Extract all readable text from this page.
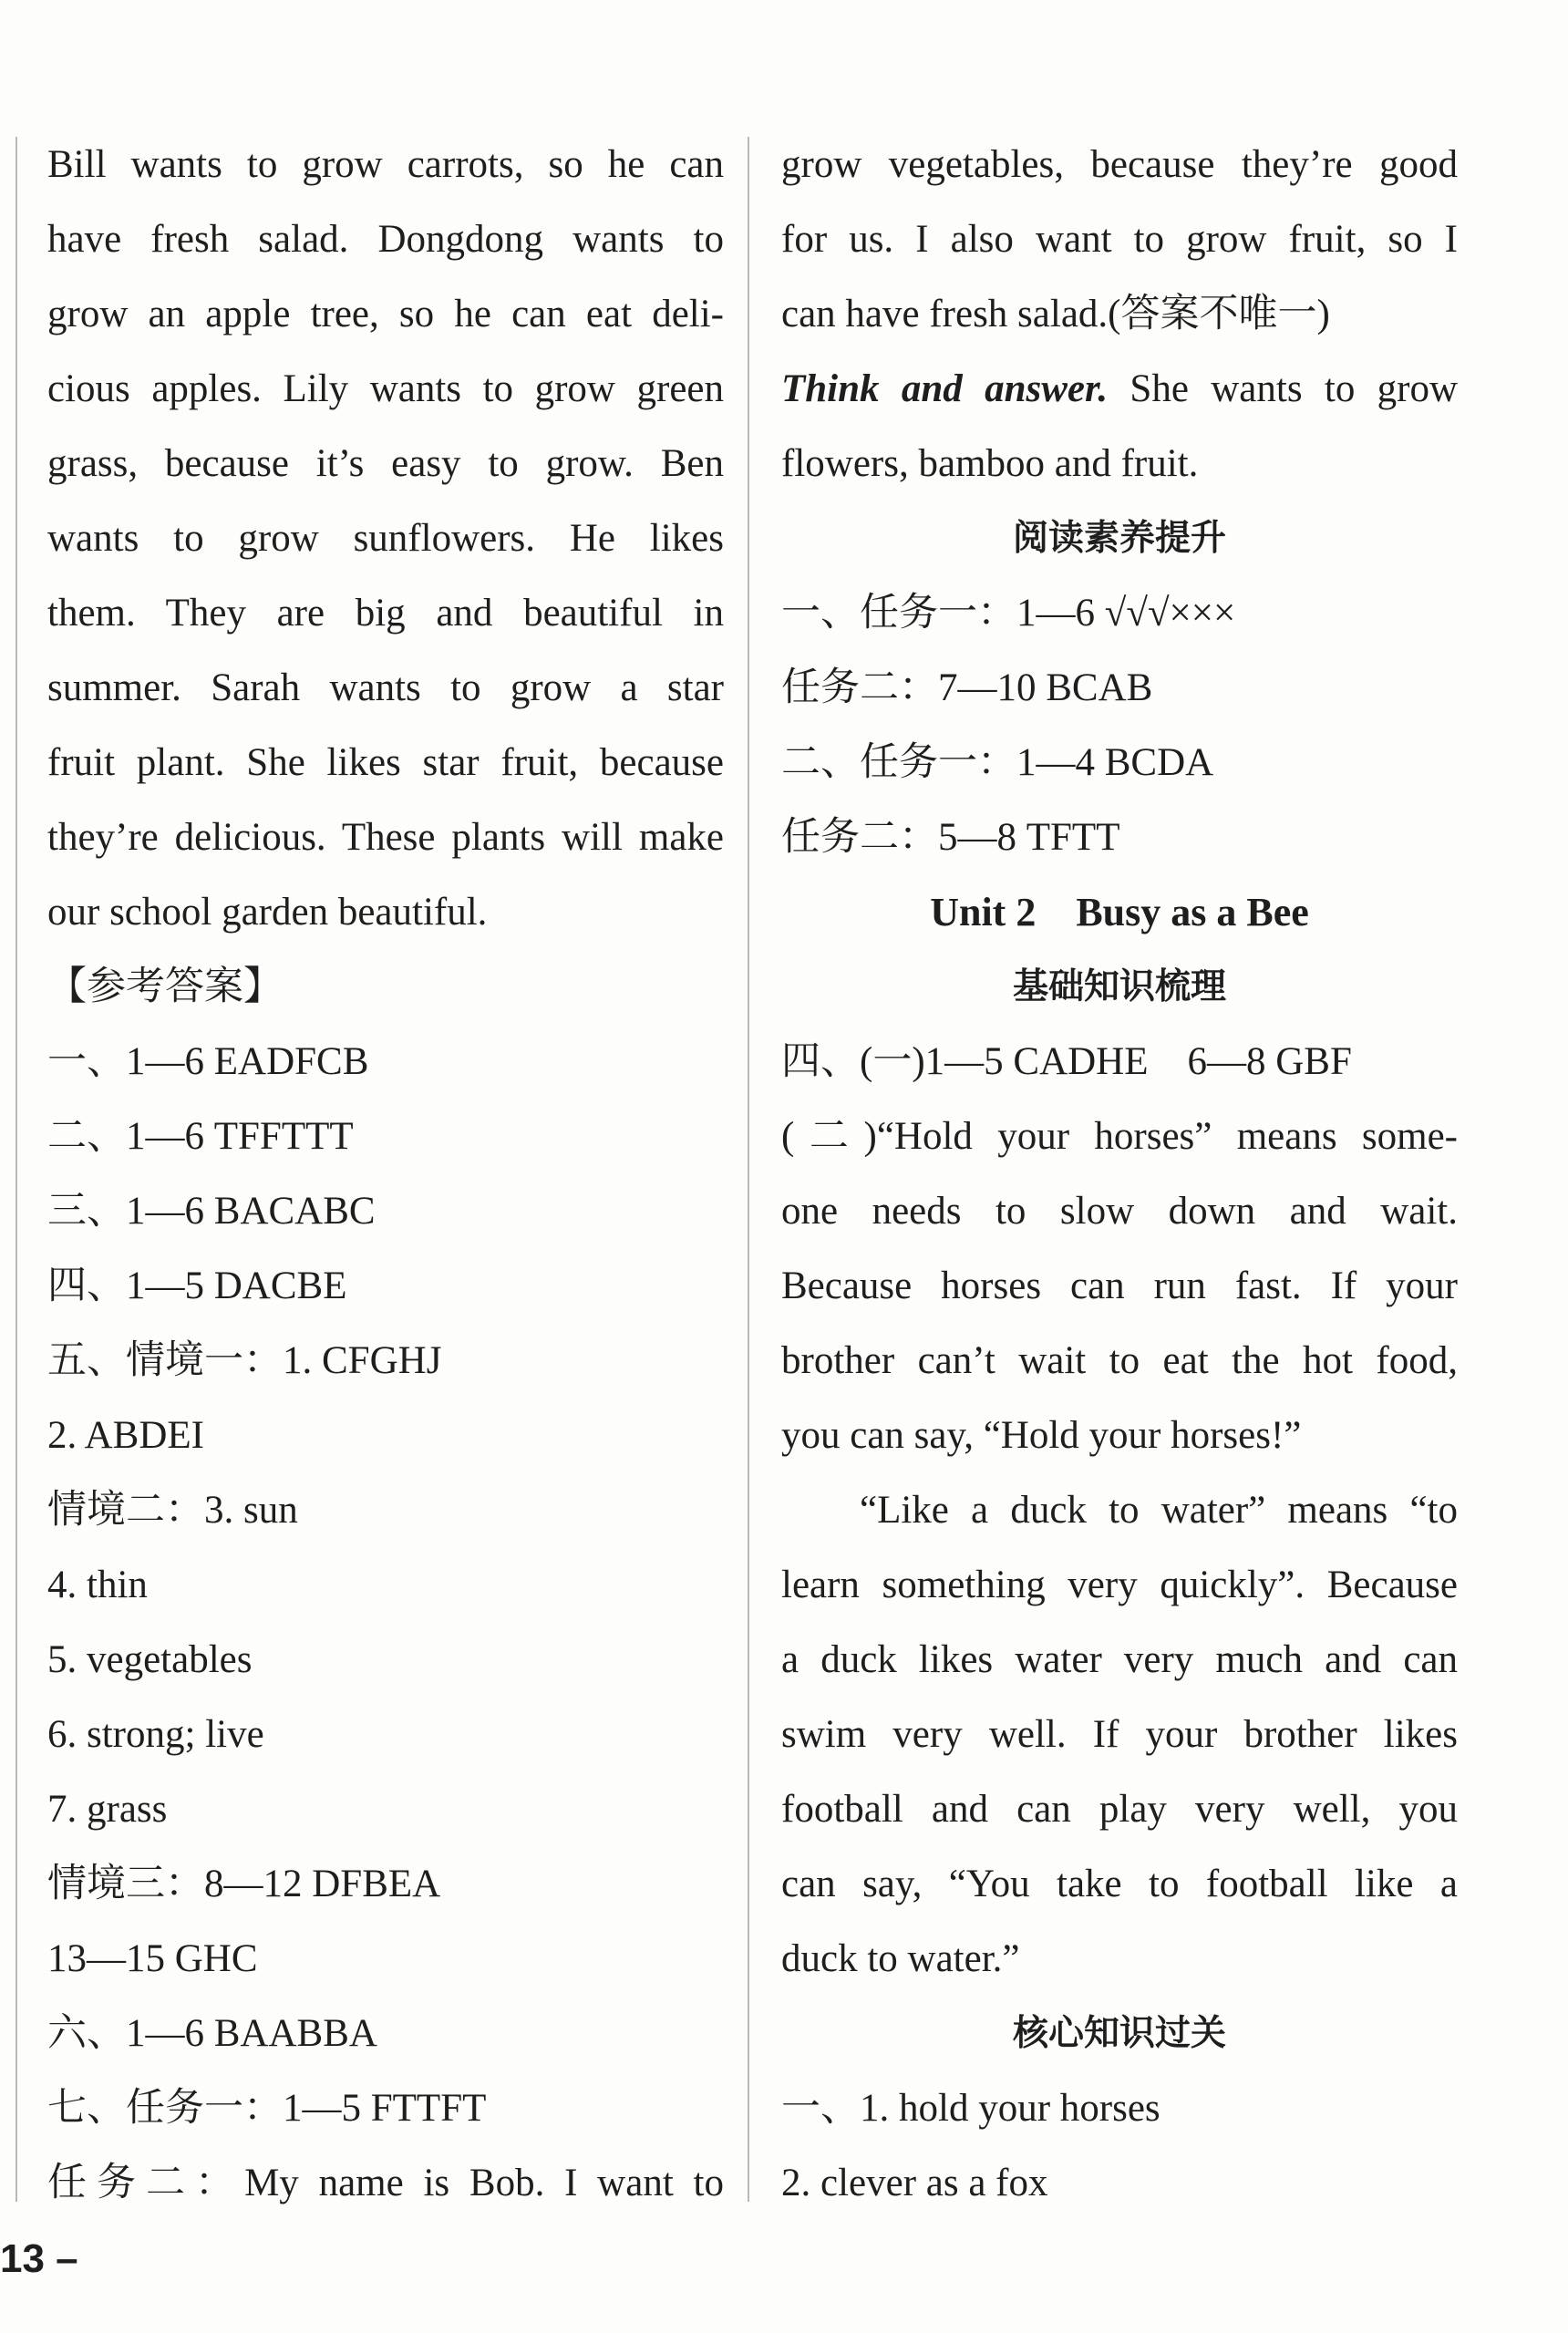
Bill wants to grow carrots, so he can
have fresh salad. Dongdong wants to
grow an apple tree, so he can eat deli-
cious apples. Lily wants to grow green
grass, because it’s easy to grow. Ben
wants to grow sunflowers. He likes
them. They are big and beautiful in
summer. Sarah wants to grow a star
fruit plant. She likes star fruit, because
they’re delicious. These plants will make
our school garden beautiful.
【参考答案】
一、1—6 EADFCB
二、1—6 TFFTTT
三、1—6 BACABC
四、1—5 DACBE
五、情境一：1. CFGHJ
2. ABDEI
情境二：3. sun
4. thin
5. vegetables
6. strong; live
7. grass
情境三：8—12 DFBEA
13—15 GHC
六、1—6 BAABBA
七、任务一：1—5 FTTFT
任务二：My name is Bob. I want to
grow vegetables, because they’re good
for us. I also want to grow fruit, so I
can have fresh salad.(答案不唯一)
Think and answer. She wants to grow
flowers, bamboo and fruit.
阅读素养提升
一、任务一：1—6 √√√×××
任务二：7—10 BCAB
二、任务一：1—4 BCDA
任务二：5—8 TFTT
Unit 2    Busy as a Bee
基础知识梳理
四、(一)1—5 CADHE    6—8 GBF
(二)“Hold your horses” means some-
one needs to slow down and wait.
Because horses can run fast. If your
brother can’t wait to eat the hot food,
you can say, “Hold your horses!”
“Like a duck to water” means “to
learn something very quickly”. Because
a duck likes water very much and can
swim very well. If your brother likes
football and can play very well, you
can say, “You take to football like a
duck to water.”
核心知识过关
一、1. hold your horses
2. clever as a fox
13 –
